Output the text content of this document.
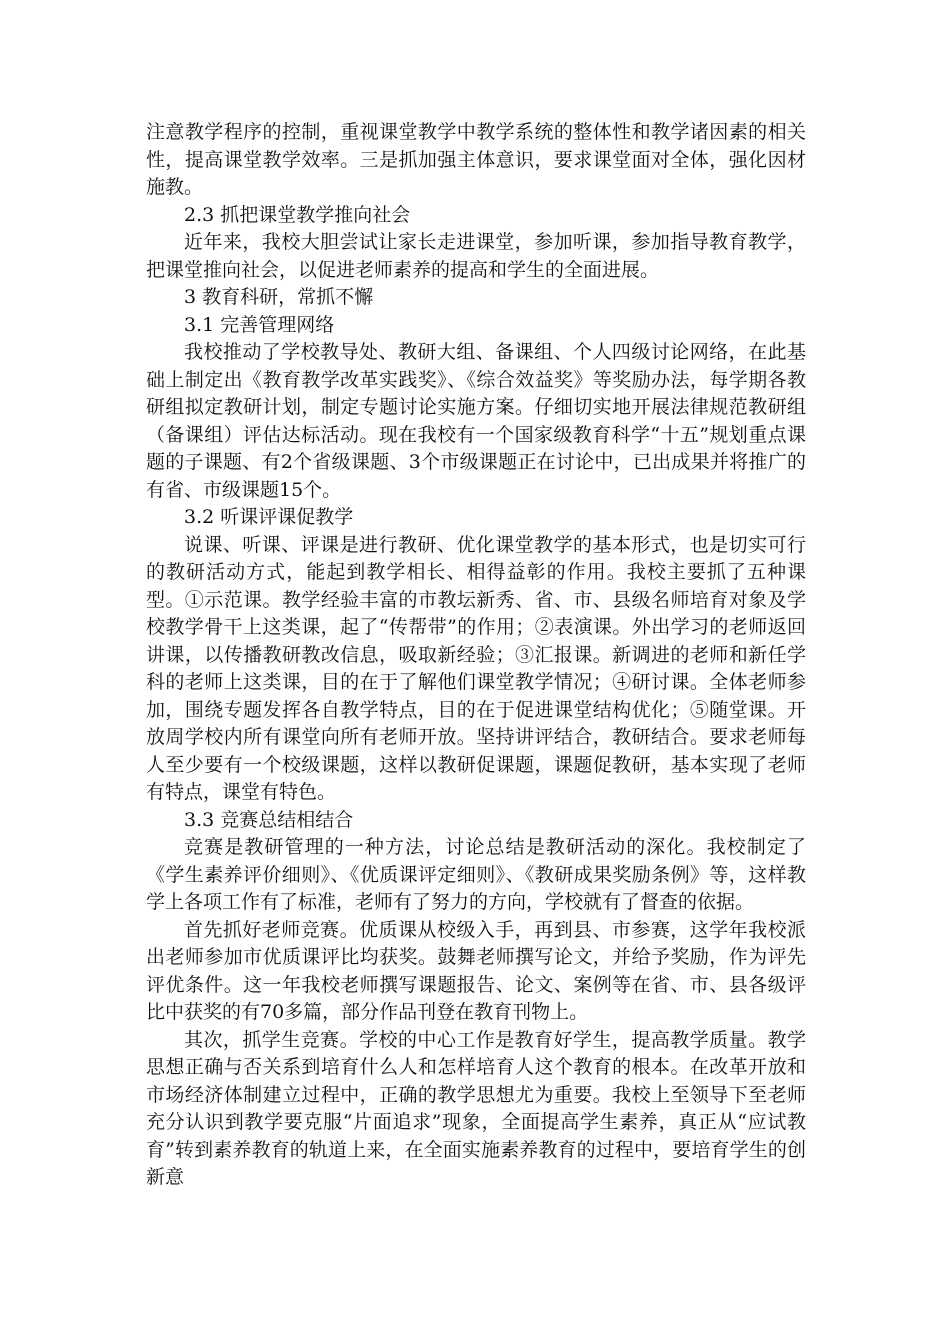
注意教学程序的控制，重视课堂教学中教学系统的整体性和教学诸因素的相关性，提高课堂教学效率。三是抓加强主体意识，要求课堂面对全体，强化因材施教。

2.3 抓把课堂教学推向社会

近年来，我校大胆尝试让家长走进课堂，参加听课，参加指导教育教学，把课堂推向社会，以促进老师素养的提高和学生的全面进展。

3 教育科研，常抓不懈

3.1 完善管理网络

我校推动了学校教导处、教研大组、备课组、个人四级讨论网络，在此基础上制定出《教育教学改革实践奖》、《综合效益奖》等奖励办法，每学期各教研组拟定教研计划，制定专题讨论实施方案。仔细切实地开展法律规范教研组（备课组）评估达标活动。现在我校有一个国家级教育科学“十五”规划重点课题的子课题、有2个省级课题、3个市级课题正在讨论中，已出成果并将推广的有省、市级课题15个。

3.2 听课评课促教学

说课、听课、评课是进行教研、优化课堂教学的基本形式，也是切实可行的教研活动方式，能起到教学相长、相得益彰的作用。我校主要抓了五种课型。①示范课。教学经验丰富的市教坛新秀、省、市、县级名师培育对象及学校教学骨干上这类课，起了“传帮带”的作用；②表演课。外出学习的老师返回讲课，以传播教研教改信息，吸取新经验；③汇报课。新调进的老师和新任学科的老师上这类课，目的在于了解他们课堂教学情况；④研讨课。全体老师参加，围绕专题发挥各自教学特点，目的在于促进课堂结构优化；⑤随堂课。开放周学校内所有课堂向所有老师开放。坚持讲评结合，教研结合。要求老师每人至少要有一个校级课题，这样以教研促课题，课题促教研，基本实现了老师有特点，课堂有特色。

3.3 竞赛总结相结合

竞赛是教研管理的一种方法，讨论总结是教研活动的深化。我校制定了《学生素养评价细则》、《优质课评定细则》、《教研成果奖励条例》等，这样教学上各项工作有了标准，老师有了努力的方向，学校就有了督查的依据。

首先抓好老师竞赛。优质课从校级入手，再到县、市参赛，这学年我校派出老师参加市优质课评比均获奖。鼓舞老师撰写论文，并给予奖励，作为评先评优条件。这一年我校老师撰写课题报告、论文、案例等在省、市、县各级评比中获奖的有70多篇，部分作品刊登在教育刊物上。

其次，抓学生竞赛。学校的中心工作是教育好学生，提高教学质量。教学思想正确与否关系到培育什么人和怎样培育人这个教育的根本。在改革开放和市场经济体制建立过程中，正确的教学思想尤为重要。我校上至领导下至老师充分认识到教学要克服“片面追求”现象，全面提高学生素养，真正从“应试教育”转到素养教育的轨道上来，在全面实施素养教育的过程中，要培育学生的创新意
